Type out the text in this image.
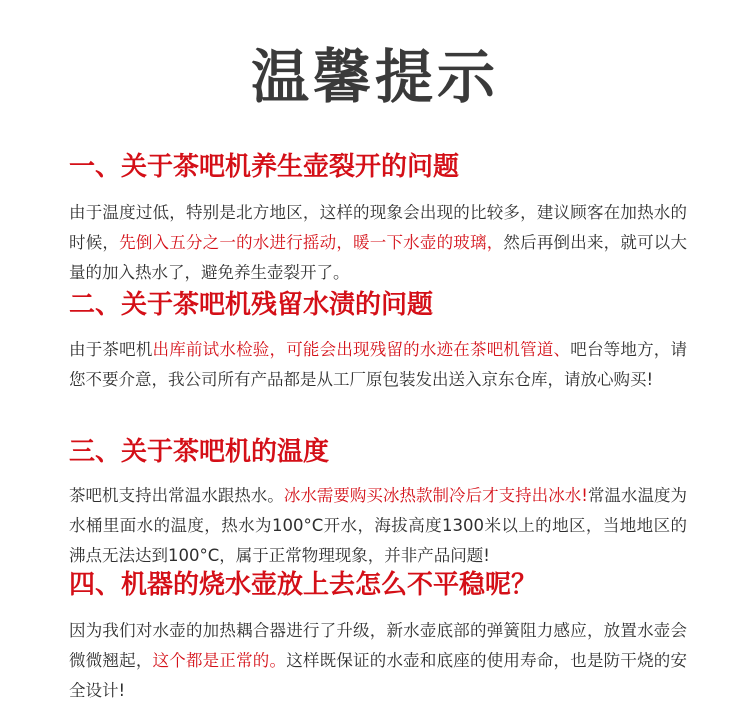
温馨提示
一、关于茶吧机养生壶裂开的问题
由于温度过低，特别是北方地区，这样的现象会出现的比较多，建议顾客在加热水的时候，先倒入五分之一的水进行摇动，暖一下水壶的玻璃，然后再倒出来，就可以大量的加入热水了，避免养生壶裂开了。
二、关于茶吧机残留水渍的问题
由于茶吧机出库前试水检验，可能会出现残留的水迹在茶吧机管道、吧台等地方，请您不要介意，我公司所有产品都是从工厂原包装发出送入京东仓库，请放心购买!
三、关于茶吧机的温度
茶吧机支持出常温水跟热水。冰水需要购买冰热款制冷后才支持出冰水!常温水温度为水桶里面水的温度，热水为100°C开水，海拔高度1300米以上的地区，当地地区的沸点无法达到100°C，属于正常物理现象，并非产品问题!
四、机器的烧水壶放上去怎么不平稳呢？
因为我们对水壶的加热耦合器进行了升级，新水壶底部的弹簧阻力感应，放置水壶会微微翘起，这个都是正常的。这样既保证的水壶和底座的使用寿命，也是防干烧的安全设计!
